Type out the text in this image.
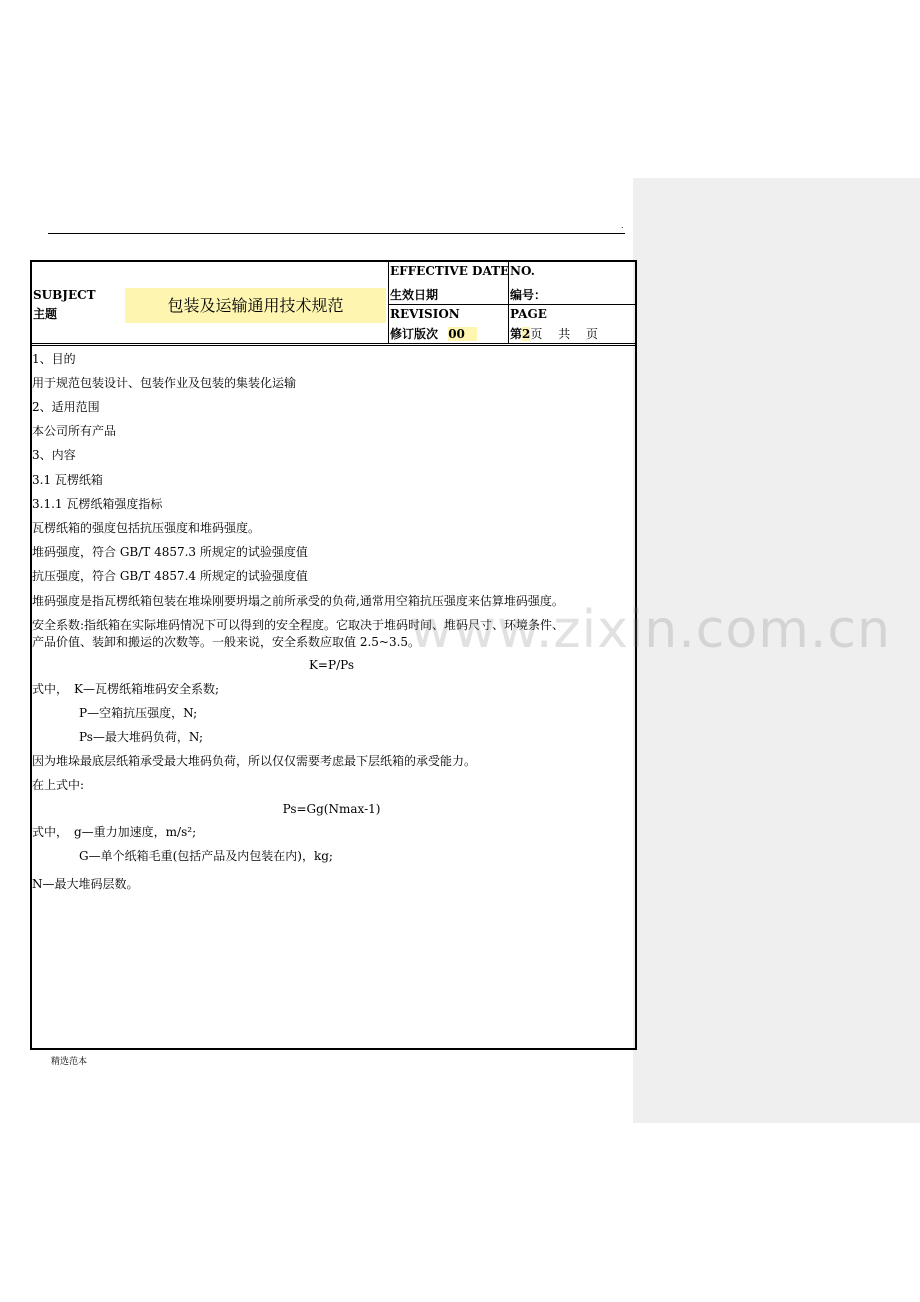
.
SUBJECT
主题	包装及运输通用技术规范
EFFECTIVE DATE
生效日期
NO.
编号：
REVISION
修订版次 00
PAGE
第2页　 共　 页
1、目的
用于规范包装设计、包装作业及包装的集装化运输
2、适用范围
本公司所有产品
3、内容
3.1 瓦楞纸箱
3.1.1 瓦楞纸箱强度指标
瓦楞纸箱的强度包括抗压强度和堆码强度。
堆码强度，符合 GB/T 4857.3 所规定的试验强度值
抗压强度，符合 GB/T 4857.4 所规定的试验强度值
堆码强度是指瓦楞纸箱包装在堆垛刚要坍塌之前所承受的负荷,通常用空箱抗压强度来估算堆码强度。
安全系数:指纸箱在实际堆码情况下可以得到的安全程度。它取决于堆码时间、堆码尺寸、环境条件、
产品价值、装卸和搬运的次数等。一般来说，安全系数应取值 2.5~3.5。
K=P/Ps
式中，　K—瓦楞纸箱堆码安全系数;
P—空箱抗压强度，N;
Ps—最大堆码负荷，N;
因为堆垛最底层纸箱承受最大堆码负荷，所以仅仅需要考虑最下层纸箱的承受能力。
在上式中:
Ps=Gg(Nmax-1)
式中，　g—重力加速度，m/s²;
G—单个纸箱毛重(包括产品及内包装在内)，kg;
N—最大堆码层数。
www.zixin.com.cn
精选范本
